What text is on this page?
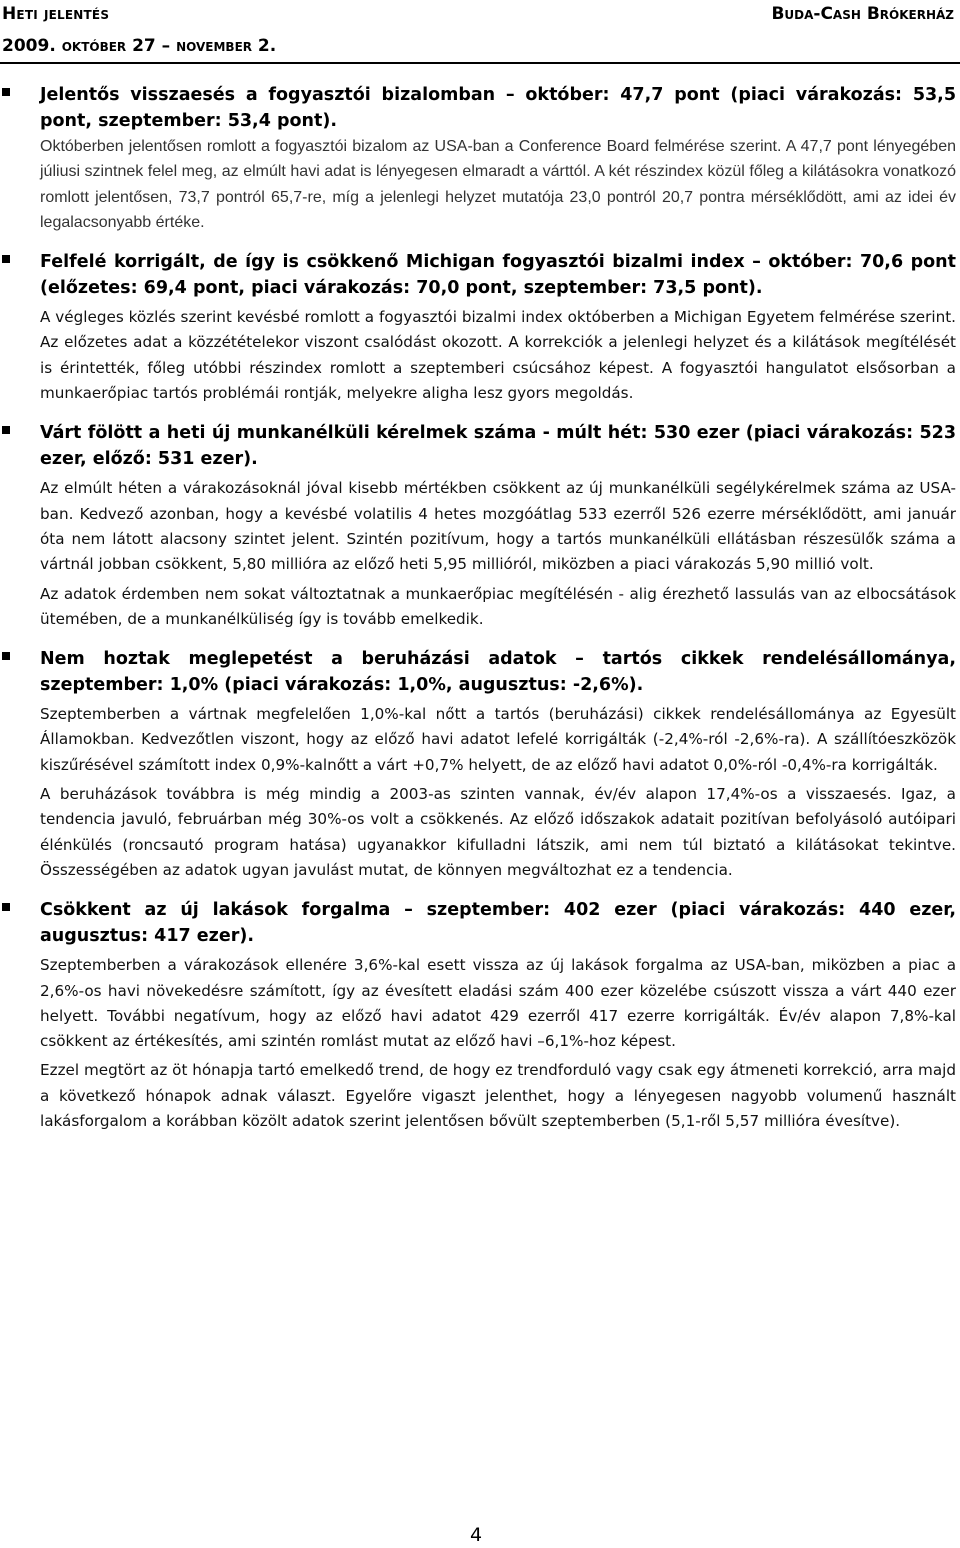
Heti jelentés	Buda-Cash Brókerház
2009. október 27 – november 2.
Jelentős visszaesés a fogyasztói bizalomban – október: 47,7 pont (piaci várakozás: 53,5 pont, szeptember: 53,4 pont).
Októberben jelentősen romlott a fogyasztói bizalom az USA-ban a Conference Board felmérése szerint. A 47,7 pont lényegében júliusi szintnek felel meg, az elmúlt havi adat is lényegesen elmaradt a várttól. A két részindex közül főleg a kilátásokra vonatkozó romlott jelentősen, 73,7 pontról 65,7-re, míg a jelenlegi helyzet mutatója 23,0 pontról 20,7 pontra mérséklődött, ami az idei év legalacsonyabb értéke.
Felfelé korrigált, de így is csökkenő Michigan fogyasztói bizalmi index – október: 70,6 pont (előzetes: 69,4 pont, piaci várakozás: 70,0 pont, szeptember: 73,5 pont).
A végleges közlés szerint kevésbé romlott a fogyasztói bizalmi index októberben a Michigan Egyetem felmérése szerint. Az előzetes adat a közzétételekor viszont csalódást okozott. A korrekciók a jelenlegi helyzet és a kilátások megítélését is érintették, főleg utóbbi részindex romlott a szeptemberi csúcsához képest. A fogyasztói hangulatot elsősorban a munkaerőpiac tartós problémái rontják, melyekre aligha lesz gyors megoldás.
Várt fölött a heti új munkanélküli kérelmek száma - múlt hét: 530 ezer (piaci várakozás: 523 ezer, előző: 531 ezer).
Az elmúlt héten a várakozásoknál jóval kisebb mértékben csökkent az új munkanélküli segélykérelmek száma az USA-ban. Kedvező azonban, hogy a kevésbé volatilis 4 hetes mozgóátlag 533 ezerről 526 ezerre mérséklődött, ami január óta nem látott alacsony szintet jelent. Szintén pozitívum, hogy a tartós munkanélküli ellátásban részesülők száma a vártnál jobban csökkent, 5,80 millióra az előző heti 5,95 millióról, miközben a piaci várakozás 5,90 millió volt.
Az adatok érdemben nem sokat változtatnak a munkaerőpiac megítélésén - alig érezhető lassulás van az elbocsátások ütemében, de a munkanélküliség így is tovább emelkedik.
Nem hoztak meglepetést a beruházási adatok – tartós cikkek rendelésállománya, szeptember: 1,0% (piaci várakozás: 1,0%, augusztus: -2,6%).
Szeptemberben a vártnak megfelelően 1,0%-kal nőtt a tartós (beruházási) cikkek rendelésállománya az Egyesült Államokban. Kedvezőtlen viszont, hogy az előző havi adatot lefelé korrigálták (-2,4%-ról -2,6%-ra). A szállítóeszközök kiszűrésével számított index 0,9%-kalnőtt a várt +0,7% helyett, de az előző havi adatot 0,0%-ról -0,4%-ra korrigálták.
A beruházások továbbra is még mindig a 2003-as szinten vannak, év/év alapon 17,4%-os a visszaesés. Igaz, a tendencia javuló, februárban még 30%-os volt a csökkenés. Az előző időszakok adatait pozitívan befolyásoló autóipari élénkülés (roncsautó program hatása) ugyanakkor kifulladni látszik, ami nem túl biztató a kilátásokat tekintve. Összességében az adatok ugyan javulást mutat, de könnyen megváltozhat ez a tendencia.
Csökkent az új lakások forgalma – szeptember: 402 ezer (piaci várakozás: 440 ezer, augusztus: 417 ezer).
Szeptemberben a várakozások ellenére 3,6%-kal esett vissza az új lakások forgalma az USA-ban, miközben a piac a 2,6%-os havi növekedésre számított, így az évesített eladási szám 400 ezer közelébe csúszott vissza a várt 440 ezer helyett. További negatívum, hogy az előző havi adatot 429 ezerről 417 ezerre korrigálták. Év/év alapon 7,8%-kal csökkent az értékesítés, ami szintén romlást mutat az előző havi –6,1%-hoz képest.
Ezzel megtört az öt hónapja tartó emelkedő trend, de hogy ez trendforduló vagy csak egy átmeneti korrekció, arra majd a következő hónapok adnak választ. Egyelőre vigaszt jelenthet, hogy a lényegesen nagyobb volumenű használt lakásforgalom a korábban közölt adatok szerint jelentősen bővült szeptemberben (5,1-ről 5,57 millióra évesítve).
4
